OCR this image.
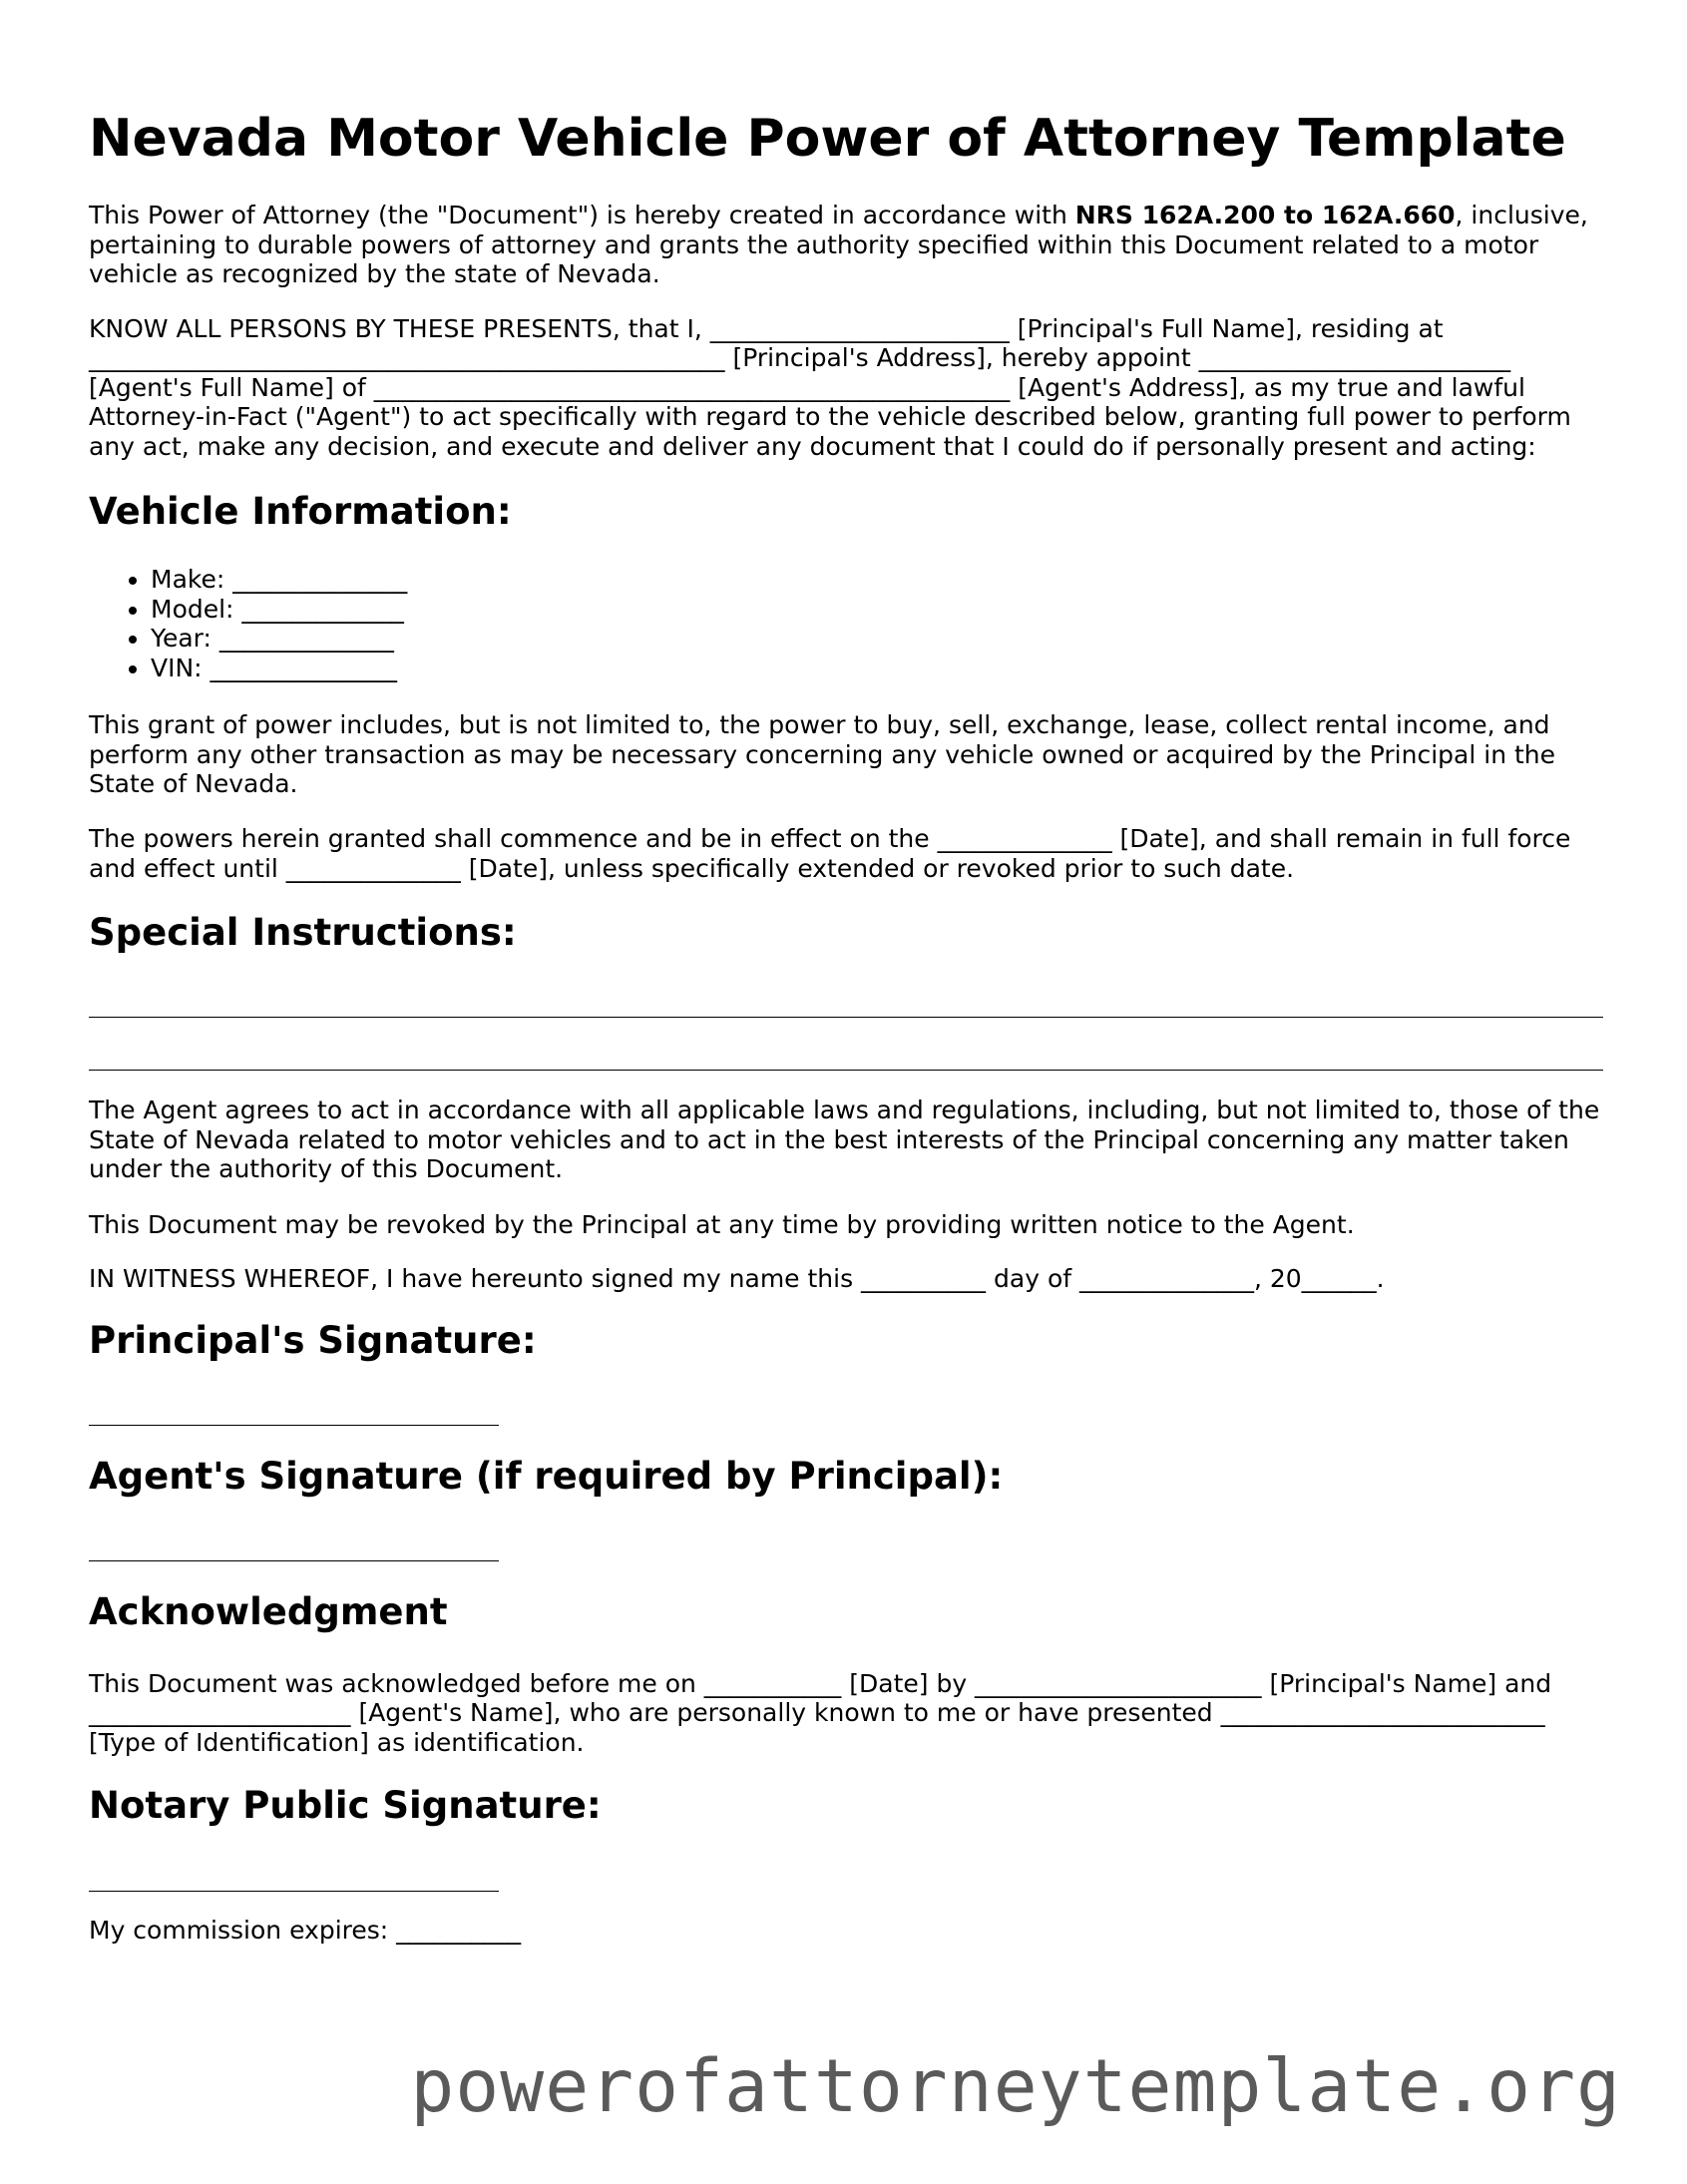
Nevada Motor Vehicle Power of Attorney Template

This Power of Attorney (the "Document") is hereby created in accordance with NRS 162A.200 to 162A.660, inclusive, pertaining to durable powers of attorney and grants the authority specified within this Document related to a motor vehicle as recognized by the state of Nevada.

KNOW ALL PERSONS BY THESE PRESENTS, that I, ________________________ [Principal's Full Name], residing at
___________________________________________________ [Principal's Address], hereby appoint _________________________
[Agent's Full Name] of ___________________________________________________ [Agent's Address], as my true and lawful
Attorney-in-Fact ("Agent") to act specifically with regard to the vehicle described below, granting full power to perform
any act, make any decision, and execute and deliver any document that I could do if personally present and acting:
Vehicle Information:
• Make: ______________
• Model: _____________
• Year: ______________
• VIN: _______________

This grant of power includes, but is not limited to, the power to buy, sell, exchange, lease, collect rental income, and perform any other transaction as may be necessary concerning any vehicle owned or acquired by the Principal in the State of Nevada.

The powers herein granted shall commence and be in effect on the ______________ [Date], and shall remain in full force
and effect until ______________ [Date], unless specifically extended or revoked prior to such date.
Special Instructions:

The Agent agrees to act in accordance with all applicable laws and regulations, including, but not limited to, those of the State of Nevada related to motor vehicles and to act in the best interests of the Principal concerning any matter taken under the authority of this Document.

This Document may be revoked by the Principal at any time by providing written notice to the Agent.
IN WITNESS WHEREOF, I have hereunto signed my name this __________ day of ______________, 20______.
Principal's Signature:
Agent's Signature (if required by Principal):
Acknowledgment
This Document was acknowledged before me on ___________ [Date] by _______________________ [Principal's Name] and
_____________________ [Agent's Name], who are personally known to me or have presented __________________________
[Type of Identification] as identification.
Notary Public Signature:
My commission expires: __________
powerofattorneytemplate.org
